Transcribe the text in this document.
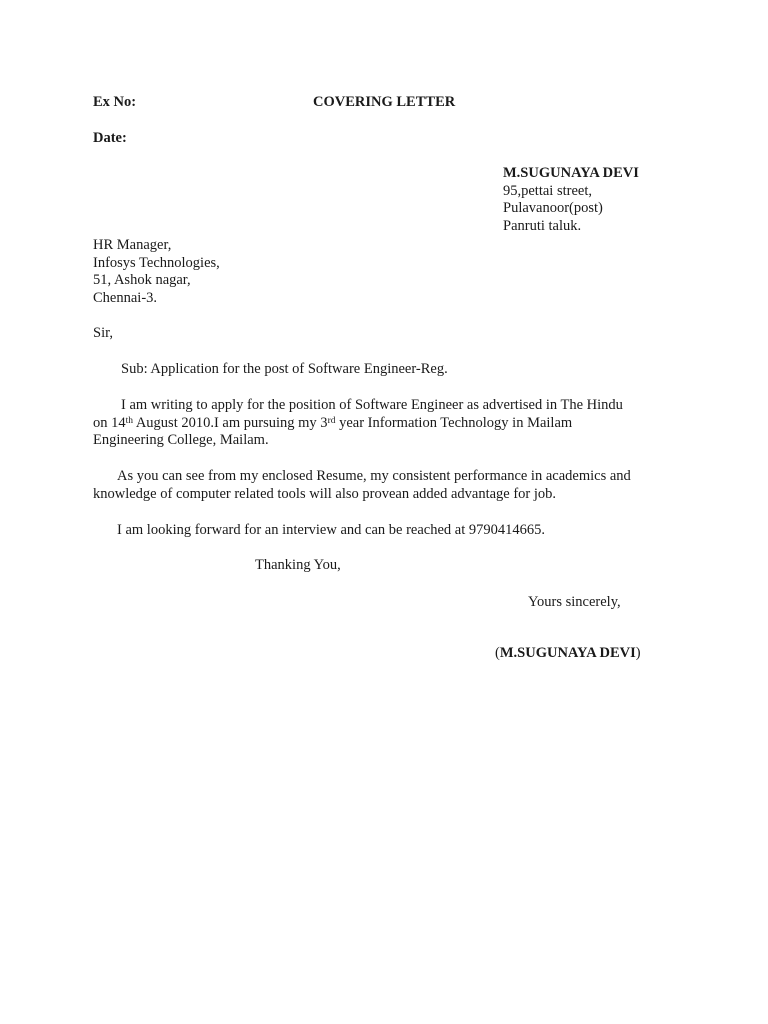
Ex No:	COVERING LETTER
Date:
M.SUGUNAYA DEVI
95,pettai street,
Pulavanoor(post)
Panruti taluk.
HR Manager,
Infosys Technologies,
51, Ashok nagar,
Chennai-3.
Sir,
Sub: Application for the post of Software Engineer-Reg.
I am writing to apply for the position of Software Engineer as advertised in The Hindu
on 14th August 2010.I am pursuing my 3rd year Information Technology in Mailam
Engineering College, Mailam.
As you can see from my enclosed Resume, my consistent performance in academics and
knowledge of computer related tools will also provean added advantage for job.
I am looking forward for an interview and can be reached at 9790414665.
Thanking You,
Yours sincerely,
(M.SUGUNAYA DEVI)
